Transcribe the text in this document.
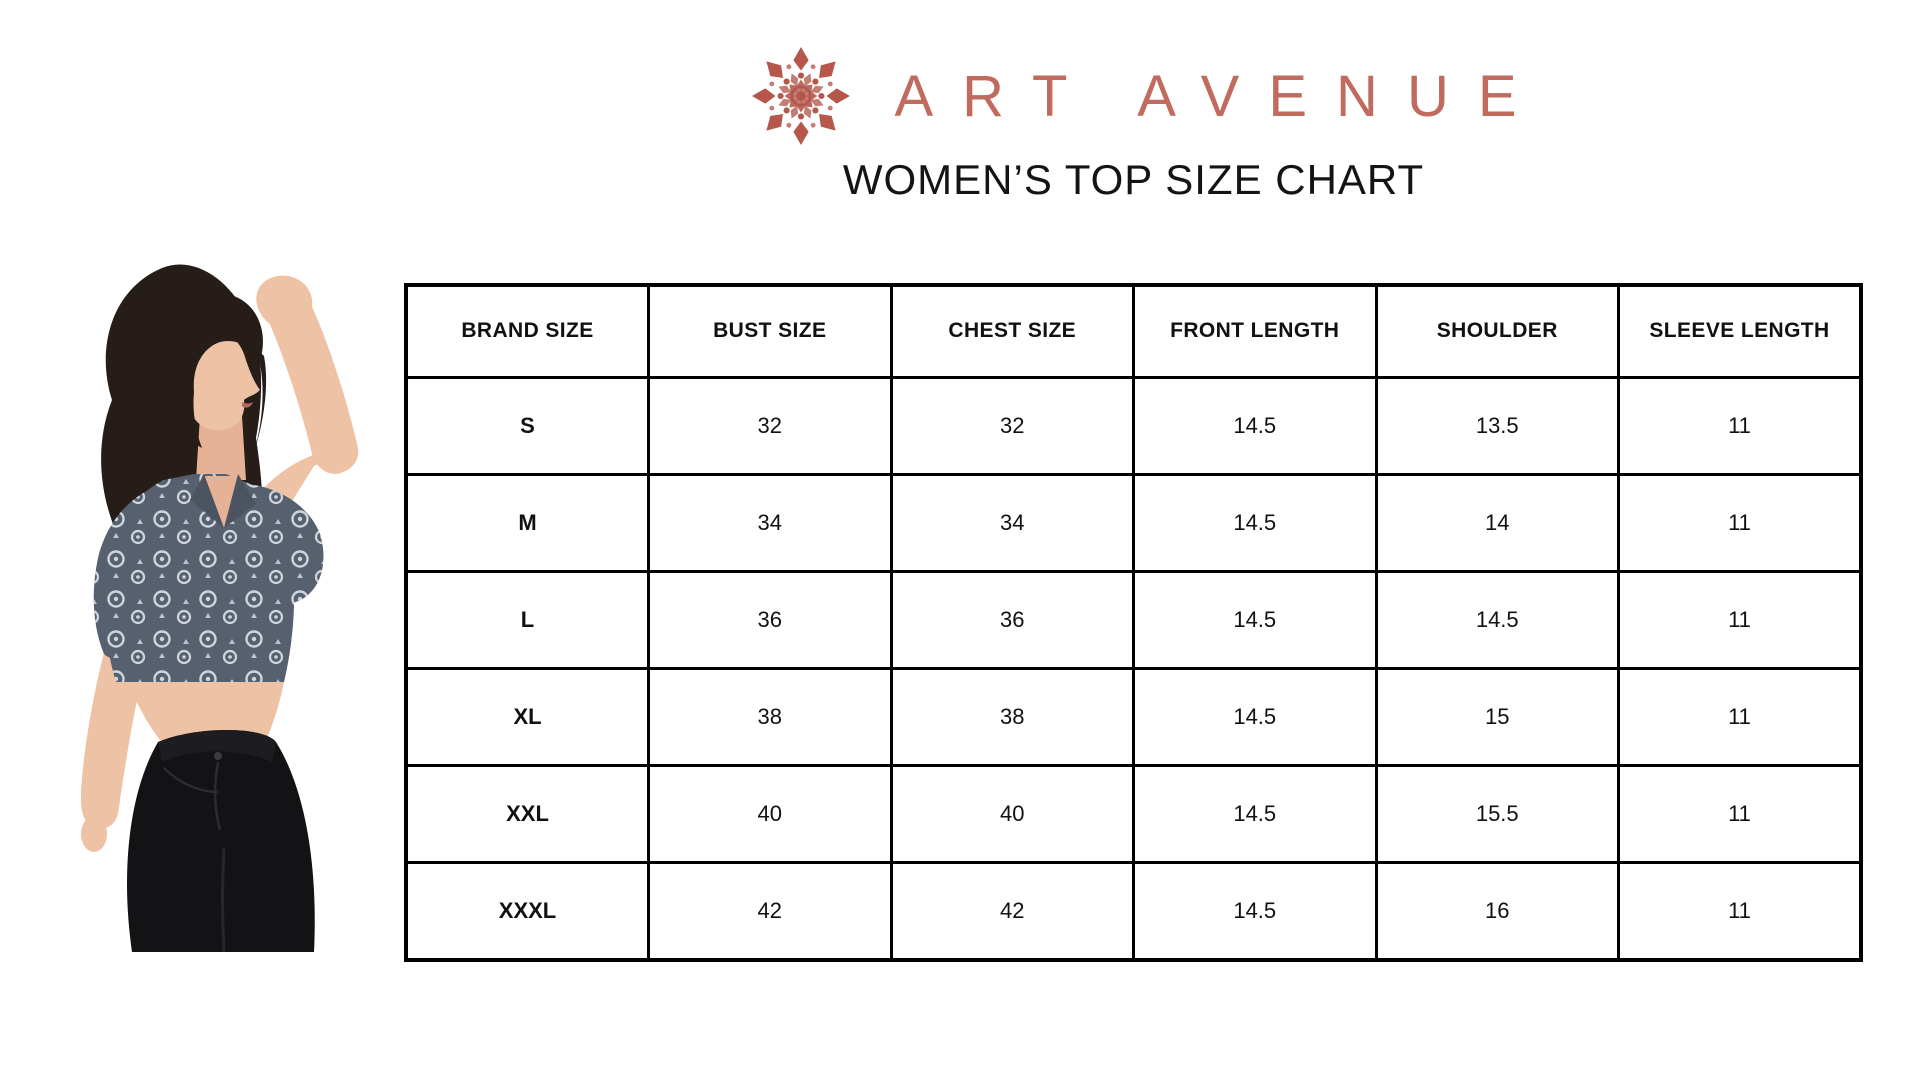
ART AVENUE
WOMEN’S TOP SIZE CHART
BRAND SIZE	BUST SIZE	CHEST SIZE	FRONT LENGTH	SHOULDER	SLEEVE LENGTH
S	32	32	14.5	13.5	11
M	34	34	14.5	14	11
L	36	36	14.5	14.5	11
XL	38	38	14.5	15	11
XXL	40	40	14.5	15.5	11
XXXL	42	42	14.5	16	11
